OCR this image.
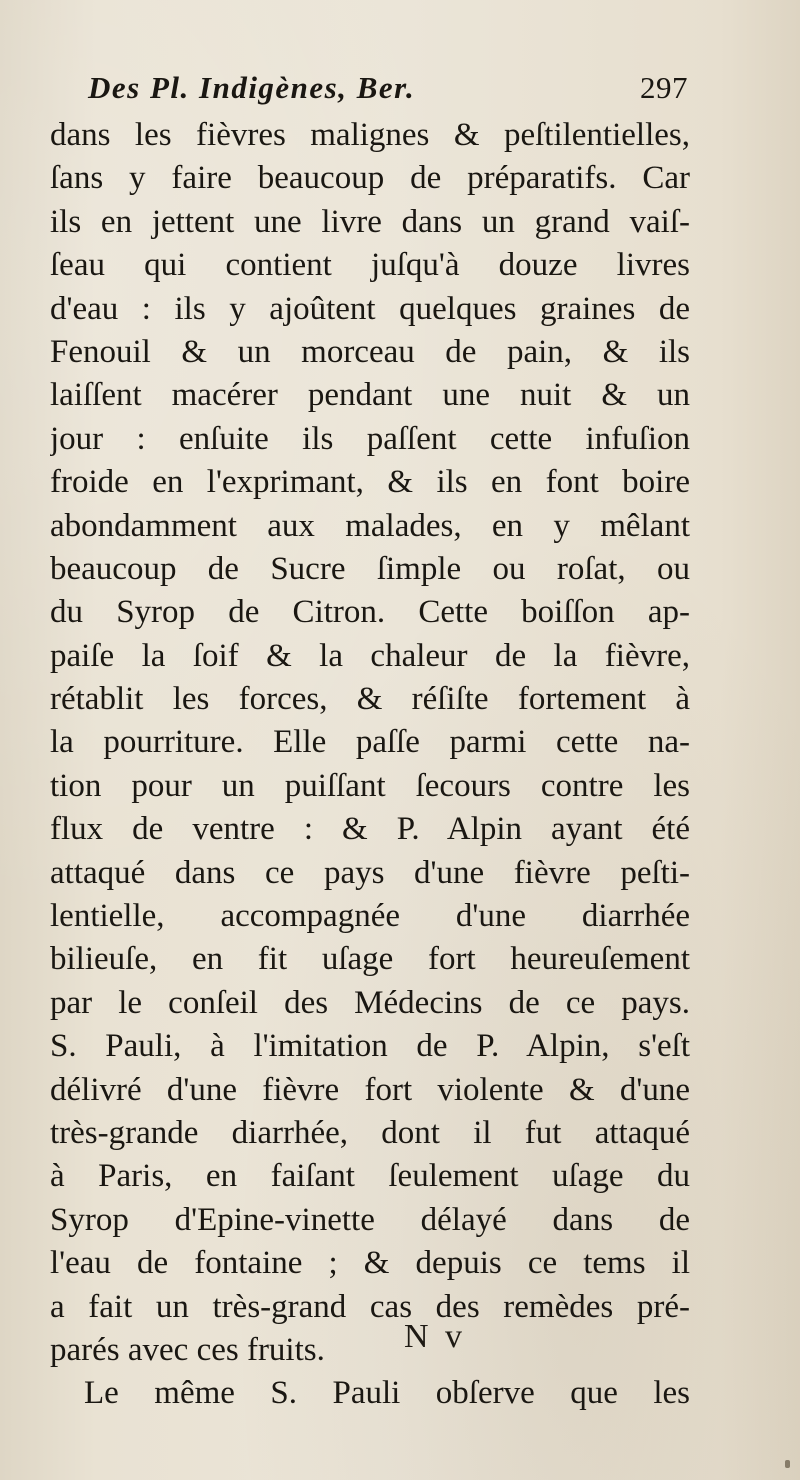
Des Pl. Indigènes, Ber.	297
dans les fièvres malignes & peſtilentielles,
ſans y faire beaucoup de préparatifs. Car
ils en jettent une livre dans un grand vaiſ-
ſeau qui contient juſqu'à douze livres
d'eau : ils y ajoûtent quelques graines de
Fenouil & un morceau de pain, & ils
laiſſent macérer pendant une nuit & un
jour : enſuite ils paſſent cette infuſion
froide en l'exprimant, & ils en font boire
abondamment aux malades, en y mêlant
beaucoup de Sucre ſimple ou roſat, ou
du Syrop de Citron. Cette boiſſon ap-
paiſe la ſoif & la chaleur de la fièvre,
rétablit les forces, & réſiſte fortement à
la pourriture. Elle paſſe parmi cette na-
tion pour un puiſſant ſecours contre les
flux de ventre : & P. Alpin ayant été
attaqué dans ce pays d'une fièvre peſti-
lentielle, accompagnée d'une diarrhée
bilieuſe, en fit uſage fort heureuſement
par le conſeil des Médecins de ce pays.
S. Pauli, à l'imitation de P. Alpin, s'eſt
délivré d'une fièvre fort violente & d'une
très-grande diarrhée, dont il fut attaqué
à Paris, en faiſant ſeulement uſage du
Syrop d'Epine-vinette délayé dans de
l'eau de fontaine ; & depuis ce tems il
a fait un très-grand cas des remèdes pré-
parés avec ces fruits.
Le même S. Pauli obſerve que les
N v
